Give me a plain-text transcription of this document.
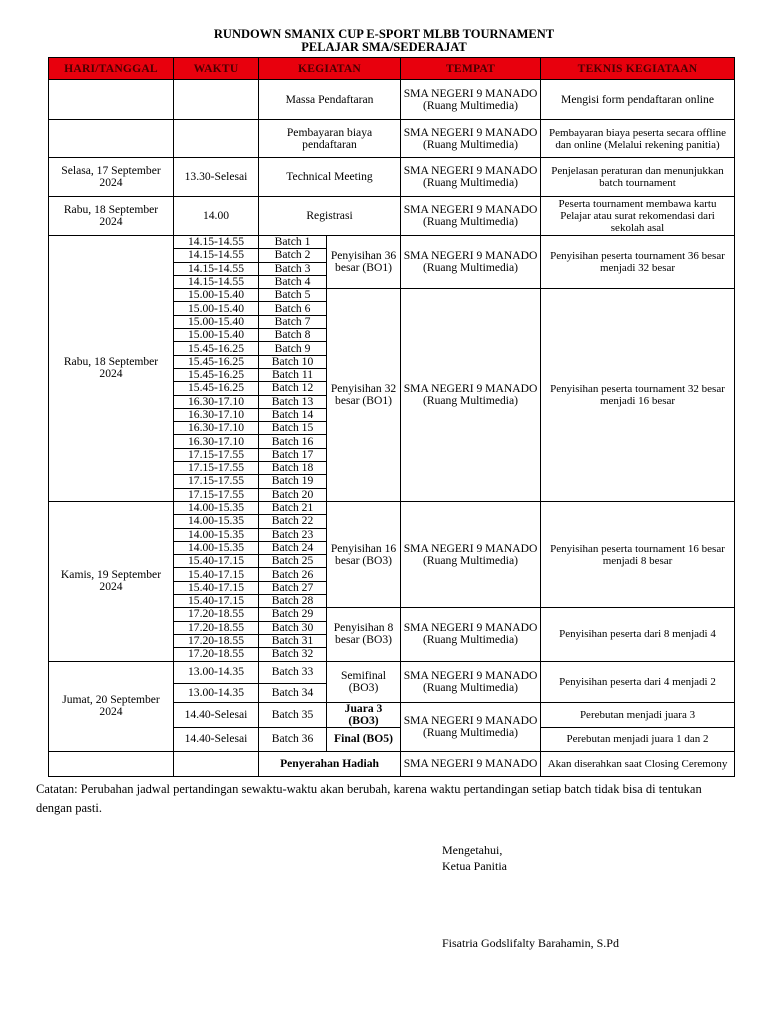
RUNDOWN SMANIX CUP E-SPORT MLBB TOURNAMENT
PELAJAR SMA/SEDERAJAT
HARI/TANGGAL	WAKTU	KEGIATAN		TEMPAT	TEKNIS KEGIATAAN
		Massa Pendaftaran		SMA NEGERI 9 MANADO (Ruang Multimedia)	Mengisi form pendaftaran online
		Pembayaran biaya pendaftaran		SMA NEGERI 9 MANADO (Ruang Multimedia)	Pembayaran biaya peserta secara offline dan online (Melalui rekening panitia)
Selasa, 17 September 2024	13.30-Selesai	Technical Meeting		SMA NEGERI 9 MANADO (Ruang Multimedia)	Penjelasan peraturan dan menunjukkan batch tournament
Rabu, 18 September 2024	14.00	Registrasi		SMA NEGERI 9 MANADO (Ruang Multimedia)	Peserta tournament membawa kartu Pelajar atau surat rekomendasi dari sekolah asal
Rabu, 18 September 2024	14.15-14.55	Batch 1	Penyisihan 36 besar (BO1)	SMA NEGERI 9 MANADO (Ruang Multimedia)	Penyisihan peserta tournament 36 besar menjadi 32 besar
	14.15-14.55	Batch 2			
	14.15-14.55	Batch 3			
	14.15-14.55	Batch 4			
	15.00-15.40	Batch 5	Penyisihan 32 besar (BO1)	SMA NEGERI 9 MANADO (Ruang Multimedia)	Penyisihan peserta tournament 32 besar menjadi 16 besar
	15.00-15.40	Batch 6			
	15.00-15.40	Batch 7			
	15.00-15.40	Batch 8			
	15.45-16.25	Batch 9			
	15.45-16.25	Batch 10			
	15.45-16.25	Batch 11			
	15.45-16.25	Batch 12			
	16.30-17.10	Batch 13			
	16.30-17.10	Batch 14			
	16.30-17.10	Batch 15			
	16.30-17.10	Batch 16			
	17.15-17.55	Batch 17			
	17.15-17.55	Batch 18			
	17.15-17.55	Batch 19			
	17.15-17.55	Batch 20			
Kamis, 19 September 2024	14.00-15.35	Batch 21	Penyisihan 16 besar (BO3)	SMA NEGERI 9 MANADO (Ruang Multimedia)	Penyisihan peserta tournament 16 besar menjadi 8 besar
	14.00-15.35	Batch 22			
	14.00-15.35	Batch 23			
	14.00-15.35	Batch 24			
	15.40-17.15	Batch 25			
	15.40-17.15	Batch 26			
	15.40-17.15	Batch 27			
	15.40-17.15	Batch 28			
	17.20-18.55	Batch 29	Penyisihan 8 besar (BO3)	SMA NEGERI 9 MANADO (Ruang Multimedia)	Penyisihan peserta dari 8 menjadi 4
	17.20-18.55	Batch 30			
	17.20-18.55	Batch 31			
	17.20-18.55	Batch 32			
Jumat, 20 September 2024	13.00-14.35	Batch 33	Semifinal (BO3)	SMA NEGERI 9 MANADO (Ruang Multimedia)	Penyisihan peserta dari 4 menjadi 2
	13.00-14.35	Batch 34			
	14.40-Selesai	Batch 35	Juara 3 (BO3)	SMA NEGERI 9 MANADO (Ruang Multimedia)	Perebutan menjadi juara 3
	14.40-Selesai	Batch 36	Final (BO5)		Perebutan menjadi juara 1 dan 2
		Penyerahan Hadiah		SMA NEGERI 9 MANADO	Akan diserahkan saat Closing Ceremony
Catatan: Perubahan jadwal pertandingan sewaktu-waktu akan berubah, karena waktu pertandingan setiap batch tidak bisa di tentukan dengan pasti.
Mengetahui,
Ketua Panitia
Fisatria Godslifalty Barahamin, S.Pd
